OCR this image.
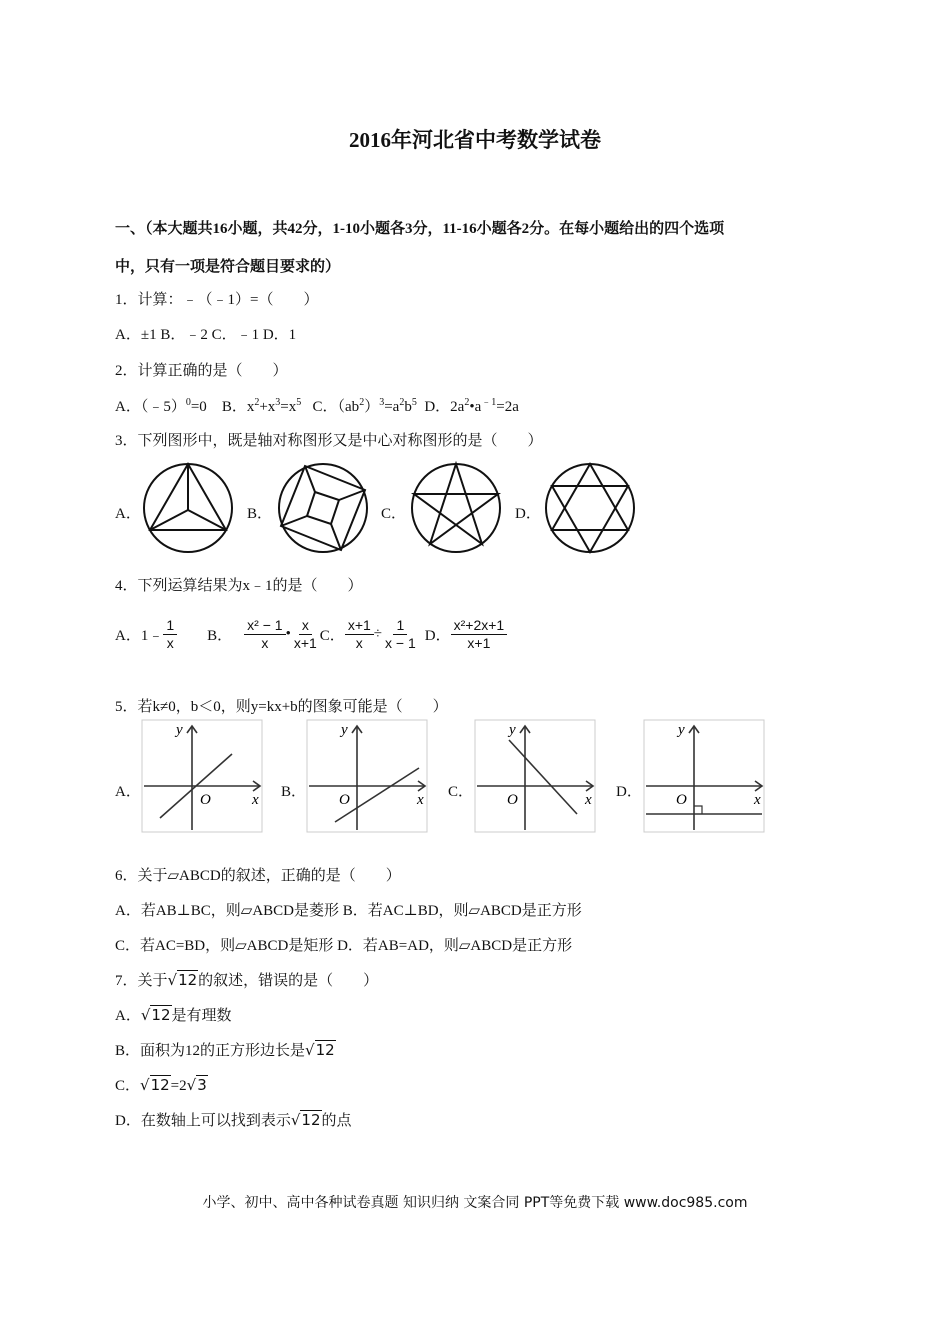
2016年河北省中考数学试卷
一、（本大题共16小题，共42分，1-10小题各3分，11-16小题各2分。在每小题给出的四个选项
中，只有一项是符合题目要求的）
1．计算：﹣（﹣1）=（　　）
A．±1 B．﹣2 C．﹣1 D．1
2．计算正确的是（　　）
A．（﹣5）$^0$=0 B．$x^2+x^3=x^5$ C．$(ab^2)^3=a^2b^5$ D．$2a^2•a^{﹣1}=2a$
3．下列图形中，既是轴对称图形又是中心对称图形的是（　　）
A．	B．	C．	D．
4．下列运算结果为x﹣1的是（　　）
A．1﹣ $\frac{1}{x}$ B． $\frac{\text{x² − 1}}{x}$ • $\frac{x}{x+1}$ C． $\frac{x+1}{x} \div \frac{1}{x - 1}$ D． $\frac{\text{x²+2x+1}}{x+1}$
5．若k≠0，b＜0，则y=kx+b的图象可能是（　　）
A．	B．	C．	D．
y
x
O
y
x
O
y
x
O
y
x
O
6．关于▱ABCD的叙述，正确的是（　　）
A．若AB⊥BC，则▱ABCD是菱形 B．若AC⊥BD，则▱ABCD是正方形
C．若AC=BD，则▱ABCD是矩形 D．若AB=AD，则▱ABCD是正方形
7．关于√12的叙述，错误的是（　　）
A．√12是有理数
B．面积为12的正方形边长是√12
C．√12=2√3
D．在数轴上可以找到表示√12的点
小学、初中、高中各种试卷真题 知识归纳 文案合同 PPT等免费下载 www.doc985.com
